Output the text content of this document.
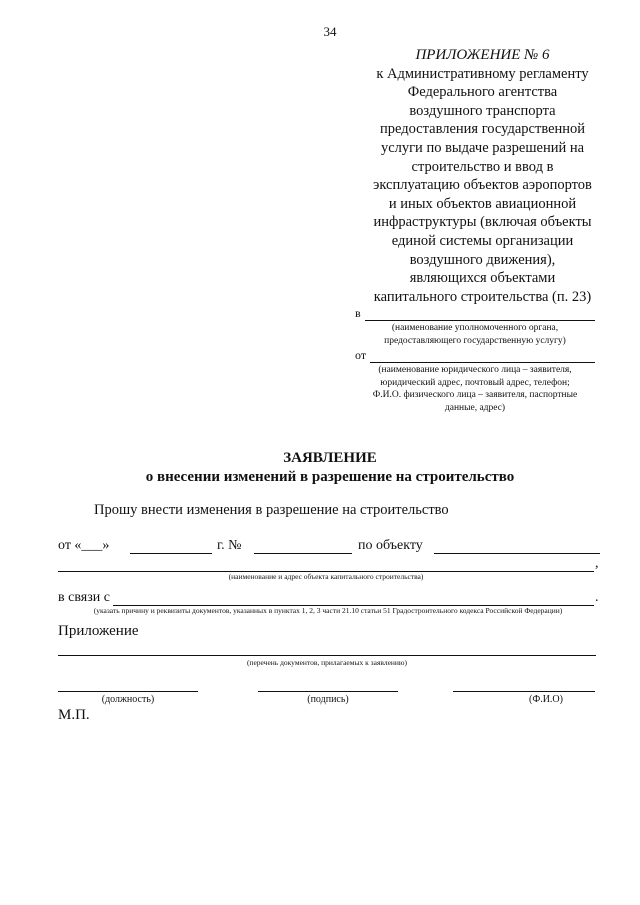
34
ПРИЛОЖЕНИЕ № 6
к Административному регламенту
Федерального агентства
воздушного транспорта
предоставления государственной
услуги по выдаче разрешений на
строительство и ввод в
эксплуатацию объектов аэропортов
и иных объектов авиационной
инфраструктуры (включая объекты
единой системы организации
воздушного движения),
являющихся объектами
капитального строительства (п. 23)
в
(наименование уполномоченного органа,
предоставляющего государственную услугу)
от
(наименование юридического лица – заявителя,
юридический адрес, почтовый адрес, телефон;
Ф.И.О. физического лица – заявителя, паспортные
данные, адрес)
ЗАЯВЛЕНИЕ
о внесении изменений в разрешение на строительство
Прошу внести изменения в разрешение на строительство
от «___»	г. №	по объекту
,
(наименование и адрес объекта капитального строительства)
в связи с	.
(указать причину и реквизиты документов, указанных в пунктах 1, 2, 3 части 21.10 статьи 51 Градостроительного кодекса Российской Федерации)
Приложение
(перечень документов, прилагаемых к заявлению)
(должность)	(подпись)	(Ф.И.О)
М.П.
